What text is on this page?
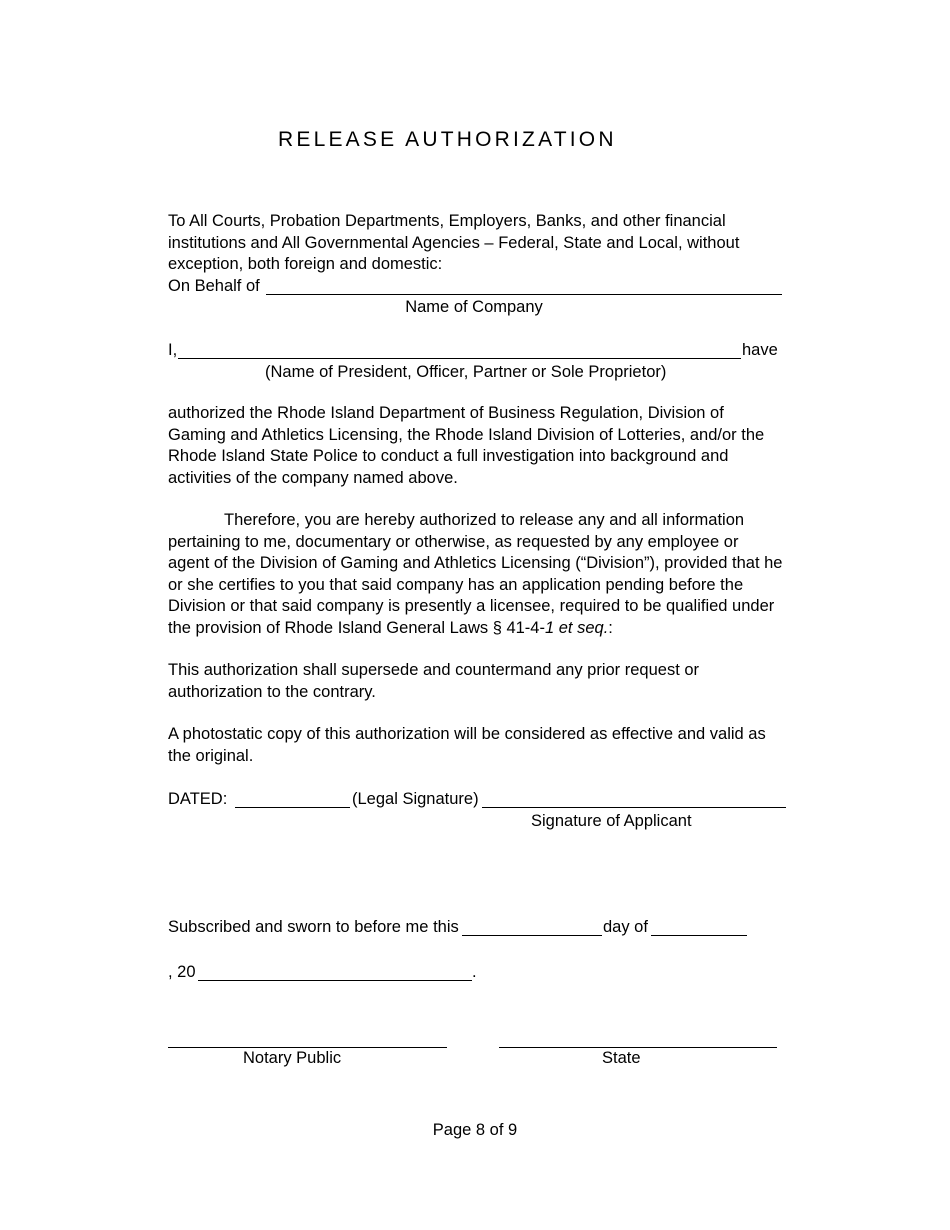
RELEASE AUTHORIZATION
To All Courts, Probation Departments, Employers, Banks, and other financial institutions and All Governmental Agencies – Federal, State and Local, without exception, both foreign and domestic:
On Behalf of
Name of Company
I,	have
(Name of President, Officer, Partner or Sole Proprietor)
authorized the Rhode Island Department of Business Regulation, Division of Gaming and Athletics Licensing, the Rhode Island Division of Lotteries, and/or the Rhode Island State Police to conduct a full investigation into background and activities of the company named above.
Therefore, you are hereby authorized to release any and all information pertaining to me, documentary or otherwise, as requested by any employee or agent of the Division of Gaming and Athletics Licensing (“Division”), provided that he or she certifies to you that said company has an application pending before the Division or that said company is presently a licensee, required to be qualified under the provision of Rhode Island General Laws § 41-4-1 et seq.:
This authorization shall supersede and countermand any prior request or authorization to the contrary.
A photostatic copy of this authorization will be considered as effective and valid as the original.
DATED:	(Legal Signature)
Signature of Applicant
Subscribed and sworn to before me this	day of
, 20	.
Notary Public	State
Page 8 of 9
